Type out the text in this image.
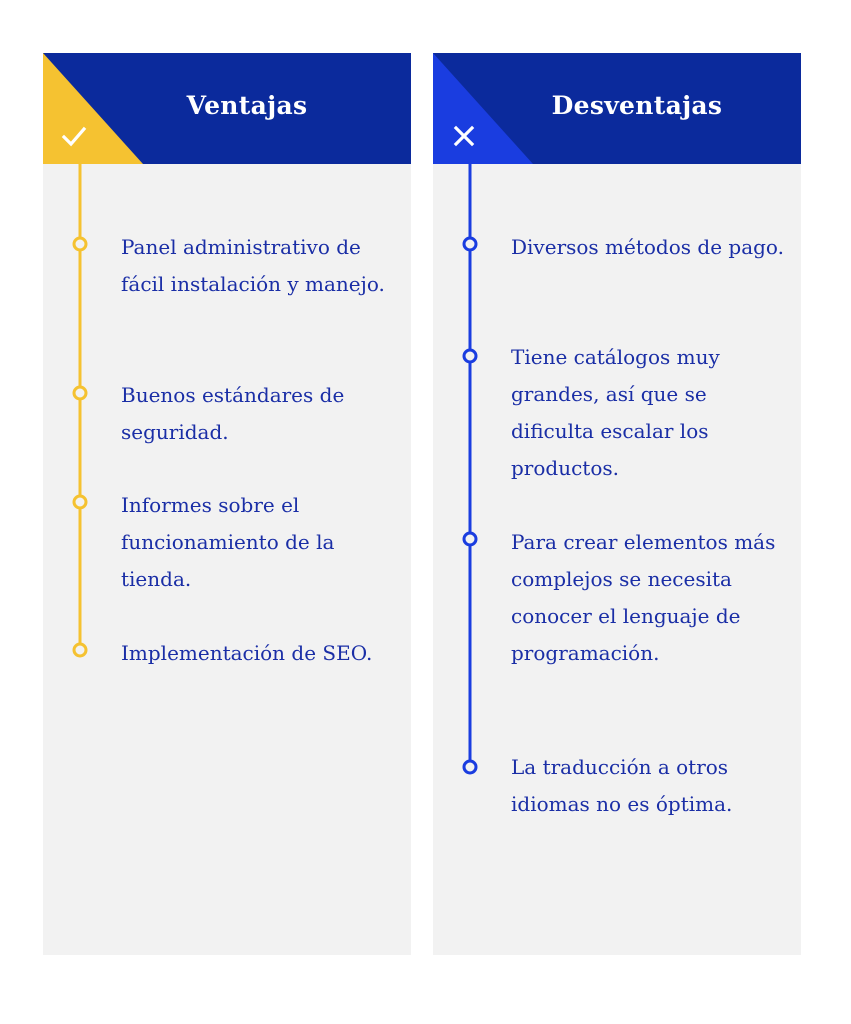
Ventajas
Panel administrativo de fácil instalación y manejo.
Buenos estándares de seguridad.
Informes sobre el funcionamiento de la tienda.
Implementación de SEO.
Desventajas
Diversos métodos de pago.
Tiene catálogos muy grandes, así que se dificulta escalar los productos.
Para crear elementos más complejos se necesita conocer el lenguaje de programación.
La traducción a otros idiomas no es óptima.
